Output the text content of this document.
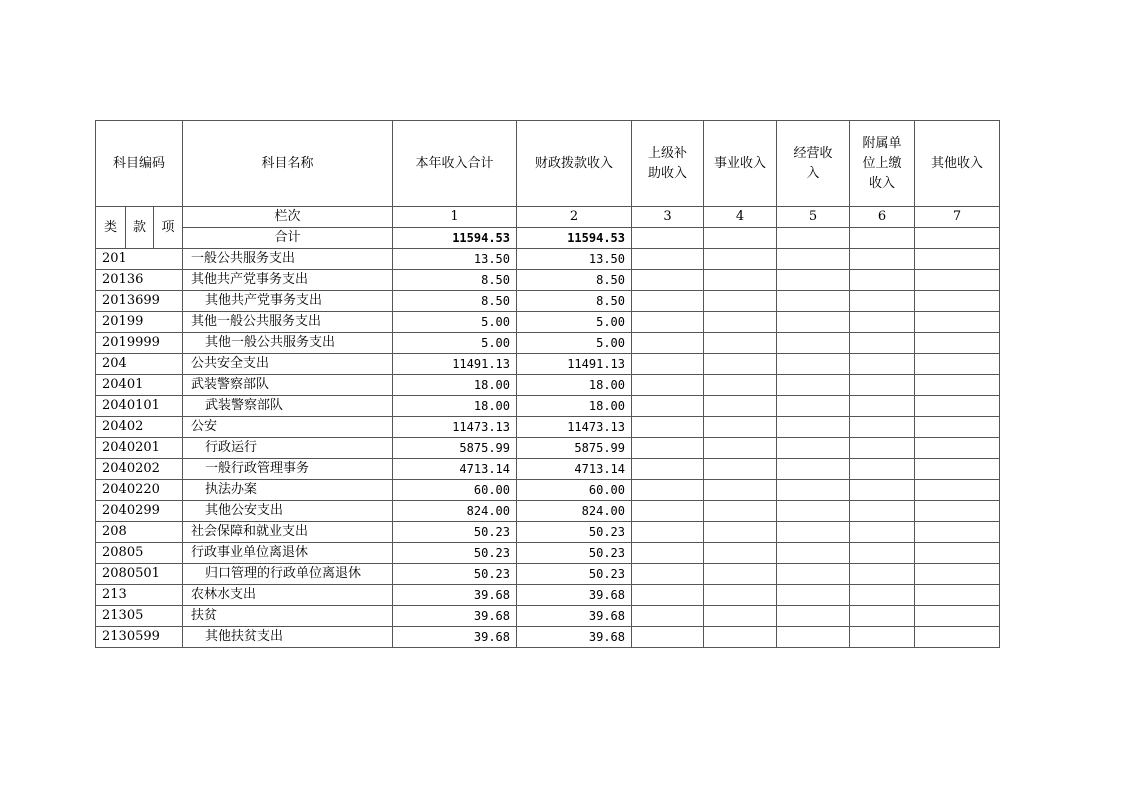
科目编码			科目名称	本年收入合计	财政拨款收入	上级补助收入	事业收入	经营收入	附属单位上缴收入	其他收入
类	款	项	栏次	1	2	3	4	5	6	7
			合计	11594.53	11594.53					
201			一般公共服务支出	13.50	13.50					
20136			其他共产党事务支出	8.50	8.50					
2013699			其他共产党事务支出	8.50	8.50					
20199			其他一般公共服务支出	5.00	5.00					
2019999			其他一般公共服务支出	5.00	5.00					
204			公共安全支出	11491.13	11491.13					
20401			武装警察部队	18.00	18.00					
2040101			武装警察部队	18.00	18.00					
20402			公安	11473.13	11473.13					
2040201			行政运行	5875.99	5875.99					
2040202			一般行政管理事务	4713.14	4713.14					
2040220			执法办案	60.00	60.00					
2040299			其他公安支出	824.00	824.00					
208			社会保障和就业支出	50.23	50.23					
20805			行政事业单位离退休	50.23	50.23					
2080501			归口管理的行政单位离退休	50.23	50.23					
213			农林水支出	39.68	39.68					
21305			扶贫	39.68	39.68					
2130599			其他扶贫支出	39.68	39.68					
